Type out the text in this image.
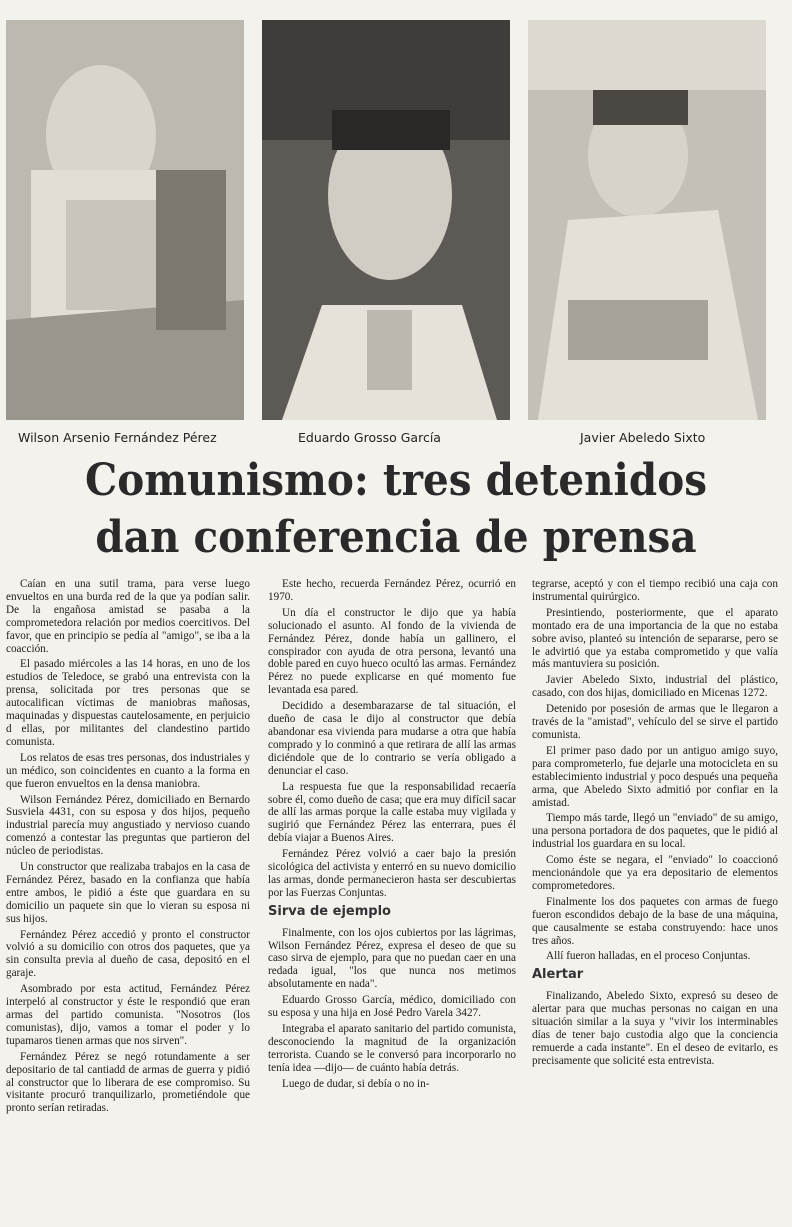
Wilson Arsenio Fernández Pérez	Eduardo Grosso García	Javier Abeledo Sixto
Comunismo: tres detenidos
dan conferencia de prensa

Caían en una sutil trama, para verse luego envueltos en una burda red de la que ya podían salir. De la engañosa amistad se pasaba a la comprometedora relación por medios coercitivos. Del favor, que en principio se pedía al "amigo", se iba a la coacción.

El pasado miércoles a las 14 horas, en uno de los estudios de Teledoce, se grabó una entrevista con la prensa, solicitada por tres personas que se autocalifican víctimas de maniobras mañosas, maquinadas y dispuestas cautelosamente, en perjuicio d ellas, por militantes del clandestino partido comunista.

Los relatos de esas tres personas, dos industriales y un médico, son coincidentes en cuanto a la forma en que fueron envueltos en la densa maniobra.

Wilson Fernández Pérez, domiciliado en Bernardo Susviela 4431, con su esposa y dos hijos, pequeño industrial parecía muy angustiado y nervioso cuando comenzó a contestar las preguntas que partieron del núcleo de periodistas.

Un constructor que realizaba trabajos en la casa de Fernández Pérez, basado en la confianza que había entre ambos, le pidió a éste que guardara en su domicilio un paquete sin que lo vieran su esposa ni sus hijos.

Fernández Pérez accedió y pronto el constructor volvió a su domicilio con otros dos paquetes, que ya sin consulta previa al dueño de casa, depositó en el garaje.

Asombrado por esta actitud, Fernández Pérez interpeló al constructor y éste le respondió que eran armas del partido comunista. "Nosotros (los comunistas), dijo, vamos a tomar el poder y lo tupamaros tienen armas que nos sirven".

Fernández Pérez se negó rotundamente a ser depositario de tal cantiadd de armas de guerra y pidió al constructor que lo liberara de ese compromiso. Su visitante procuró tranquilizarlo, prometiéndole que pronto serían retiradas.

Este hecho, recuerda Fernández Pérez, ocurrió en 1970.

Un día el constructor le dijo que ya había solucionado el asunto. Al fondo de la vivienda de Fernández Pérez, donde había un gallinero, el conspirador con ayuda de otra persona, levantó una doble pared en cuyo hueco ocultó las armas. Fernández Pérez no puede explicarse en qué momento fue levantada esa pared.

Decidido a desembarazarse de tal situación, el dueño de casa le dijo al constructor que debía abandonar esa vivienda para mudarse a otra que había comprado y lo conminó a que retirara de allí las armas diciéndole que de lo contrario se vería obligado a denunciar el caso.

La respuesta fue que la responsabilidad recaería sobre él, como dueño de casa; que era muy difícil sacar de allí las armas porque la calle estaba muy vigilada y sugirió que Fernández Pérez las enterrara, pues él debía viajar a Buenos Aires.

Fernández Pérez volvió a caer bajo la presión sicológica del activista y enterró en su nuevo domicilio las armas, donde permanecieron hasta ser descubiertas por las Fuerzas Conjuntas.

Sirva de ejemplo

Finalmente, con los ojos cubiertos por las lágrimas, Wilson Fernández Pérez, expresa el deseo de que su caso sirva de ejemplo, para que no puedan caer en una redada igual, "los que nunca nos metimos absolutamente en nada".

Eduardo Grosso García, médico, domiciliado con su esposa y una hija en José Pedro Varela 3427.

Integraba el aparato sanitario del partido comunista, desconociendo la magnitud de la organización terrorista. Cuando se le conversó para incorporarlo no tenía idea —dijo— de cuánto había detrás.

Luego de dudar, si debía o no in-

tegrarse, aceptó y con el tiempo recibió una caja con instrumental quirúrgico.

Presintiendo, posteriormente, que el aparato montado era de una importancia de la que no estaba sobre aviso, planteó su intención de separarse, pero se le advirtió que ya estaba comprometido y que valía más mantuviera su posición.

Javier Abeledo Sixto, industrial del plástico, casado, con dos hijas, domiciliado en Micenas 1272.

Detenido por posesión de armas que le llegaron a través de la "amistad", vehículo del se sirve el partido comunista.

El primer paso dado por un antiguo amigo suyo, para comprometerlo, fue dejarle una motocicleta en su establecimiento industrial y poco después una pequeña arma, que Abeledo Sixto admitió por confiar en la amistad.

Tiempo más tarde, llegó un "enviado" de su amigo, una persona portadora de dos paquetes, que le pidió al industrial los guardara en su local.

Como éste se negara, el "enviado" lo coaccionó mencionándole que ya era depositario de elementos comprometedores.

Finalmente los dos paquetes con armas de fuego fueron escondidos debajo de la base de una máquina, que causalmente se estaba construyendo: hace unos tres años.

Allí fueron halladas, en el proceso Conjuntas.

Alertar

Finalizando, Abeledo Sixto, expresó su deseo de alertar para que muchas personas no caigan en una situación similar a la suya y "vivir los interminables días de tener bajo custodia algo que la conciencia remuerde a cada instante". En el deseo de evitarlo, es precisamente que solicité esta entrevista.
